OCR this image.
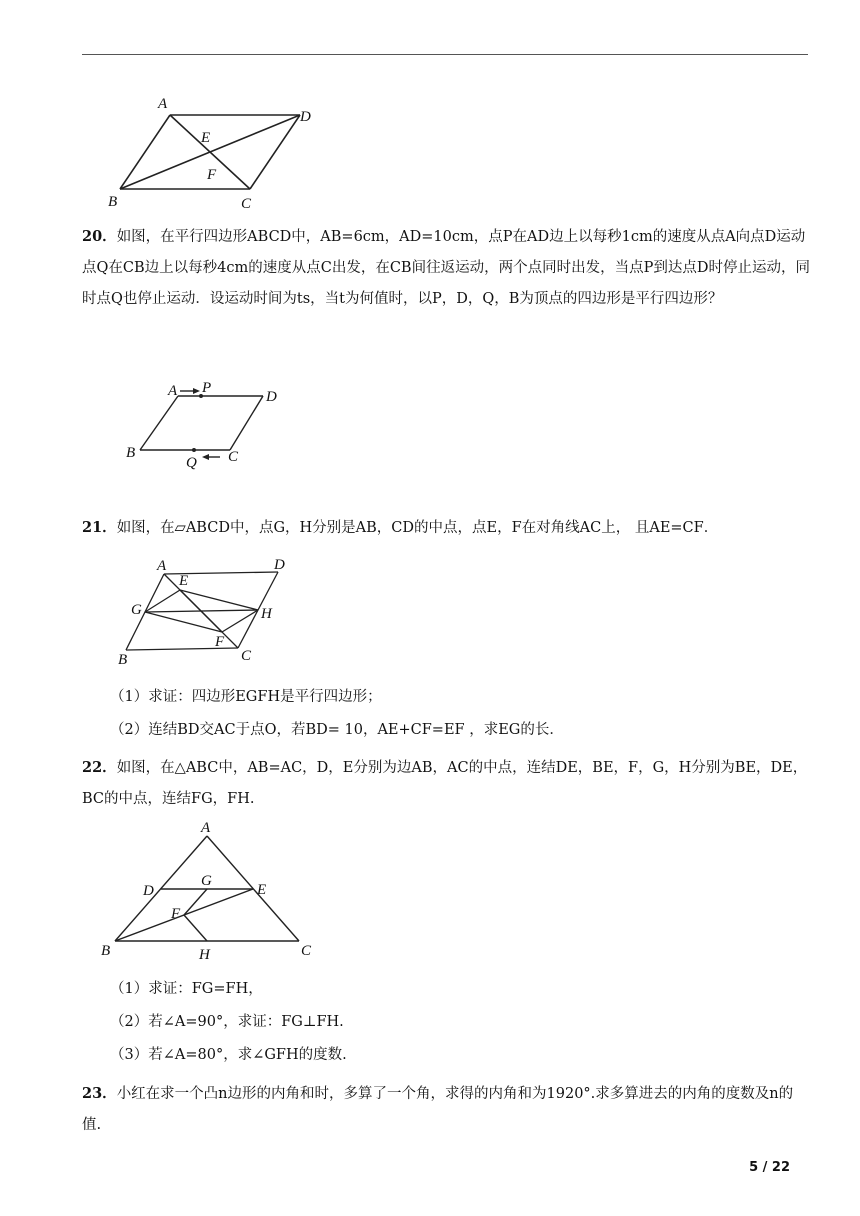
A
D
E
F
B	C

20．如图，在平行四边形ABCD中，AB=6cm，AD=10cm，点P在AD边上以每秒1cm的速度从点A向点D运动点Q在CB边上以每秒4cm的速度从点C出发，在CB间往返运动，两个点同时出发，当点P到达点D时停止运动，同时点Q也停止运动．设运动时间为ts，当t为何值时，以P，D，Q，B为顶点的四边形是平行四边形？

A P
D
B
Q C

21．如图，在▱ABCD中，点G，H分别是AB，CD的中点，点E，F在对角线AC上， 且AE=CF．

A
E
D
G	H
F
B	C

（1）求证：四边形EGFH是平行四边形；

（2）连结BD交AC于点O，若BD= 10，AE+CF=EF ，求EG的长．

22．如图，在△ABC中，AB=AC，D，E分别为边AB，AC的中点，连结DE，BE，F，G，H分别为BE，DE，BC的中点，连结FG，FH.

A
D
G
E
F
B	H	C

（1）求证：FG=FH，

（2）若∠A=90°，求证：FG⊥FH.

（3）若∠A=80°，求∠GFH的度数.

23．小红在求一个凸n边形的内角和时，多算了一个角，求得的内角和为1920°.求多算进去的内角的度数及n的值.

5 / 22
